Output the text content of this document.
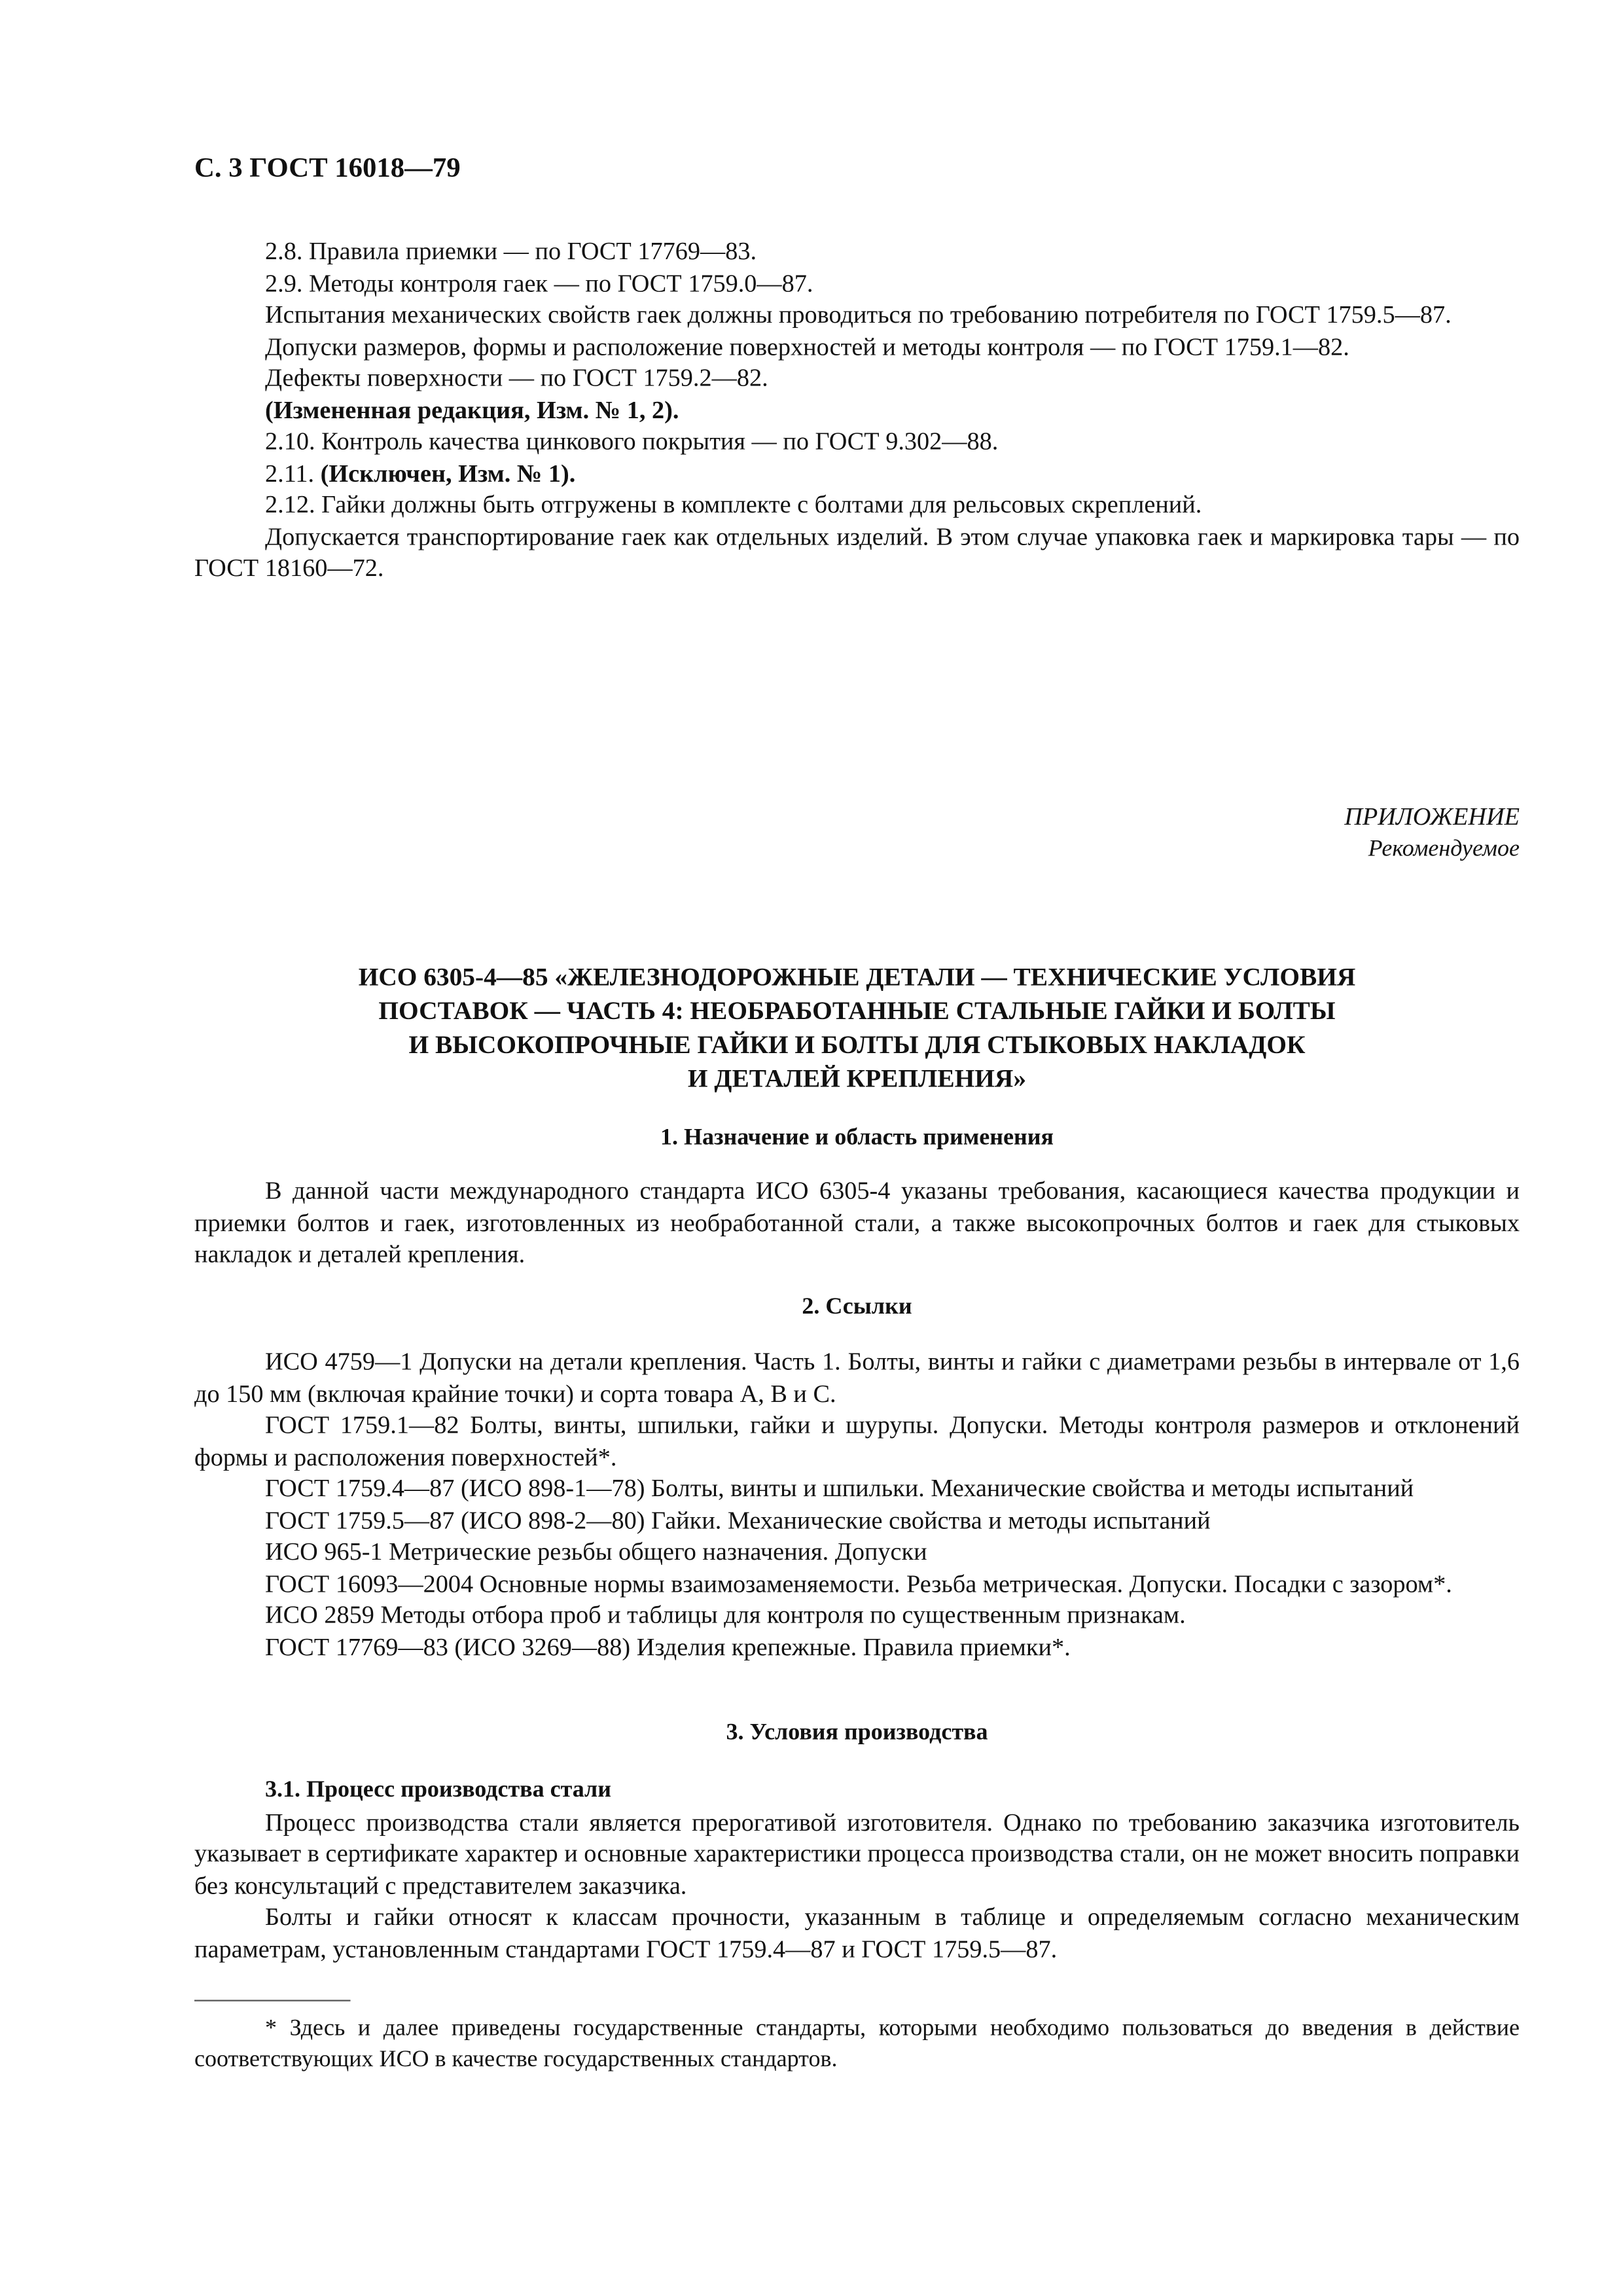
С. 3 ГОСТ 16018—79

2.8. Правила приемки — по ГОСТ 17769—83.

2.9. Методы контроля гаек — по ГОСТ 1759.0—87.

Испытания механических свойств гаек должны проводиться по требованию потребителя по ГОСТ 1759.5—87.

Допуски размеров, формы и расположение поверхностей и методы контроля — по ГОСТ 1759.1—82.

Дефекты поверхности — по ГОСТ 1759.2—82.

(Измененная редакция, Изм. № 1, 2).

2.10. Контроль качества цинкового покрытия — по ГОСТ 9.302—88.

2.11. (Исключен, Изм. № 1).

2.12. Гайки должны быть отгружены в комплекте с болтами для рельсовых скреплений.

Допускается транспортирование гаек как отдельных изделий. В этом случае упаковка гаек и маркировка тары — по ГОСТ 18160—72.

ПРИЛОЖЕНИЕ
Рекомендуемое
ИСО 6305-4—85 «ЖЕЛЕЗНОДОРОЖНЫЕ ДЕТАЛИ — ТЕХНИЧЕСКИЕ УСЛОВИЯ
ПОСТАВОК — ЧАСТЬ 4: НЕОБРАБОТАННЫЕ СТАЛЬНЫЕ ГАЙКИ И БОЛТЫ
И ВЫСОКОПРОЧНЫЕ ГАЙКИ И БОЛТЫ ДЛЯ СТЫКОВЫХ НАКЛАДОК
И ДЕТАЛЕЙ КРЕПЛЕНИЯ»
1. Назначение и область применения

В данной части международного стандарта ИСО 6305-4 указаны требования, касающиеся качества продукции и приемки болтов и гаек, изготовленных из необработанной стали, а также высокопрочных болтов и гаек для стыковых накладок и деталей крепления.

2. Ссылки

ИСО 4759—1 Допуски на детали крепления. Часть 1. Болты, винты и гайки с диаметрами резьбы в интервале от 1,6 до 150 мм (включая крайние точки) и сорта товара А, В и С.

ГОСТ 1759.1—82 Болты, винты, шпильки, гайки и шурупы. Допуски. Методы контроля размеров и отклонений формы и расположения поверхностей*.

ГОСТ 1759.4—87 (ИСО 898-1—78) Болты, винты и шпильки. Механические свойства и методы испытаний

ГОСТ 1759.5—87 (ИСО 898-2—80) Гайки. Механические свойства и методы испытаний

ИСО 965-1 Метрические резьбы общего назначения. Допуски

ГОСТ 16093—2004 Основные нормы взаимозаменяемости. Резьба метрическая. Допуски. Посадки с зазором*.

ИСО 2859 Методы отбора проб и таблицы для контроля по существенным признакам.

ГОСТ 17769—83 (ИСО 3269—88) Изделия крепежные. Правила приемки*.

3. Условия производства

3.1. Процесс производства стали

Процесс производства стали является прерогативой изготовителя. Однако по требованию заказчика изготовитель указывает в сертификате характер и основные характеристики процесса производства стали, он не может вносить поправки без консультаций с представителем заказчика.

Болты и гайки относят к классам прочности, указанным в таблице и определяемым согласно механическим параметрам, установленным стандартами ГОСТ 1759.4—87 и ГОСТ 1759.5—87.

* Здесь и далее приведены государственные стандарты, которыми необходимо пользоваться до введения в действие соответствующих ИСО в качестве государственных стандартов.
